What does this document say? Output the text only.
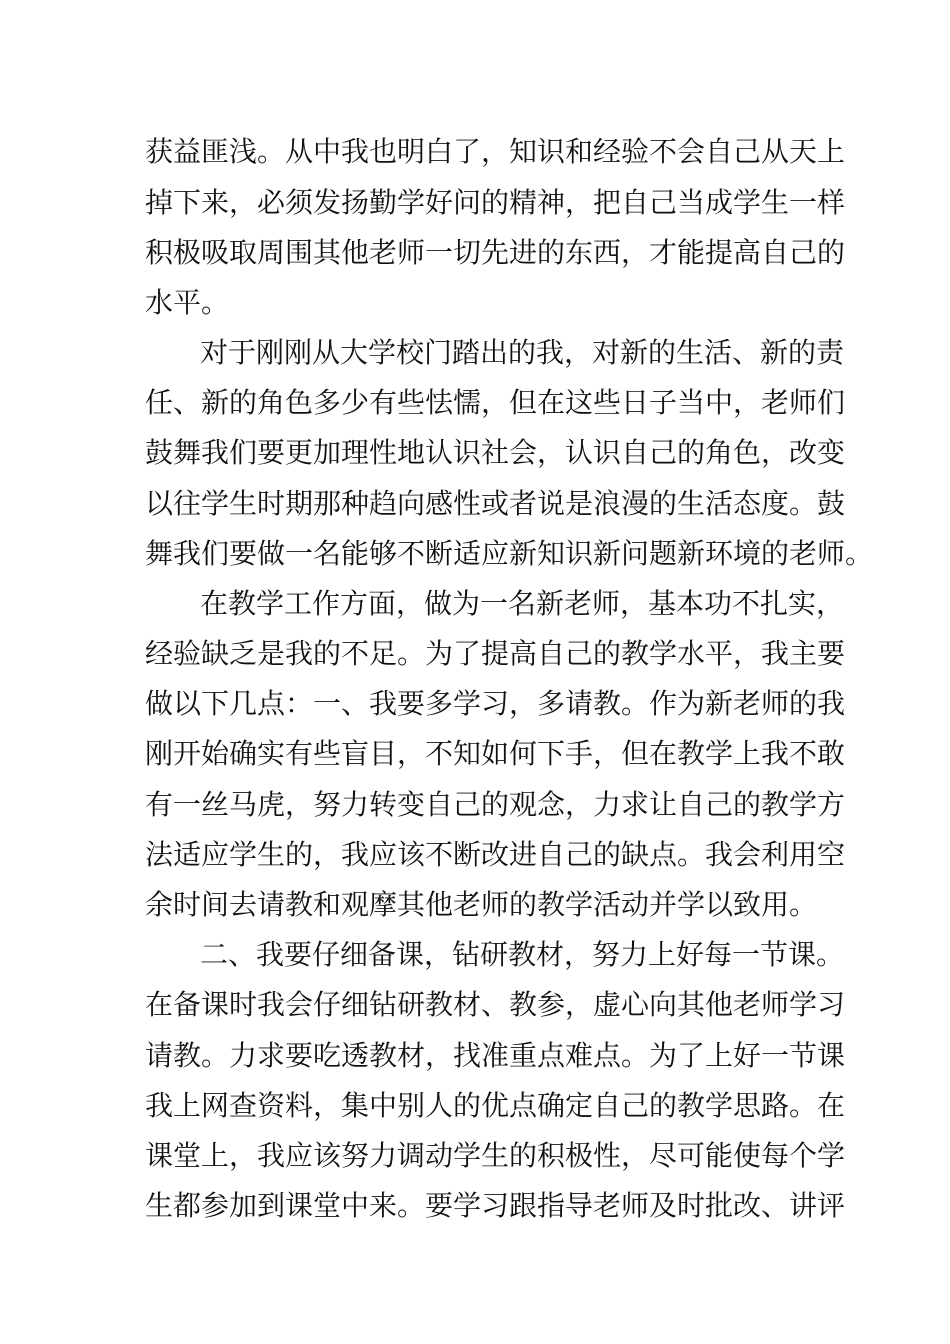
获益匪浅。从中我也明白了，知识和经验不会自己从天上
掉下来，必须发扬勤学好问的精神，把自己当成学生一样
积极吸取周围其他老师一切先进的东西，才能提高自己的
水平。
对于刚刚从大学校门踏出的我，对新的生活、新的责
任、新的角色多少有些怯懦，但在这些日子当中，老师们
鼓舞我们要更加理性地认识社会，认识自己的角色，改变
以往学生时期那种趋向感性或者说是浪漫的生活态度。鼓
舞我们要做一名能够不断适应新知识新问题新环境的老师。
在教学工作方面，做为一名新老师，基本功不扎实，
经验缺乏是我的不足。为了提高自己的教学水平，我主要
做以下几点：一、我要多学习，多请教。作为新老师的我
刚开始确实有些盲目，不知如何下手，但在教学上我不敢
有一丝马虎，努力转变自己的观念，力求让自己的教学方
法适应学生的，我应该不断改进自己的缺点。我会利用空
余时间去请教和观摩其他老师的教学活动并学以致用。
二、我要仔细备课，钻研教材，努力上好每一节课。
在备课时我会仔细钻研教材、教参，虚心向其他老师学习
请教。力求要吃透教材，找准重点难点。为了上好一节课
我上网查资料，集中别人的优点确定自己的教学思路。在
课堂上，我应该努力调动学生的积极性，尽可能使每个学
生都参加到课堂中来。要学习跟指导老师及时批改、讲评
